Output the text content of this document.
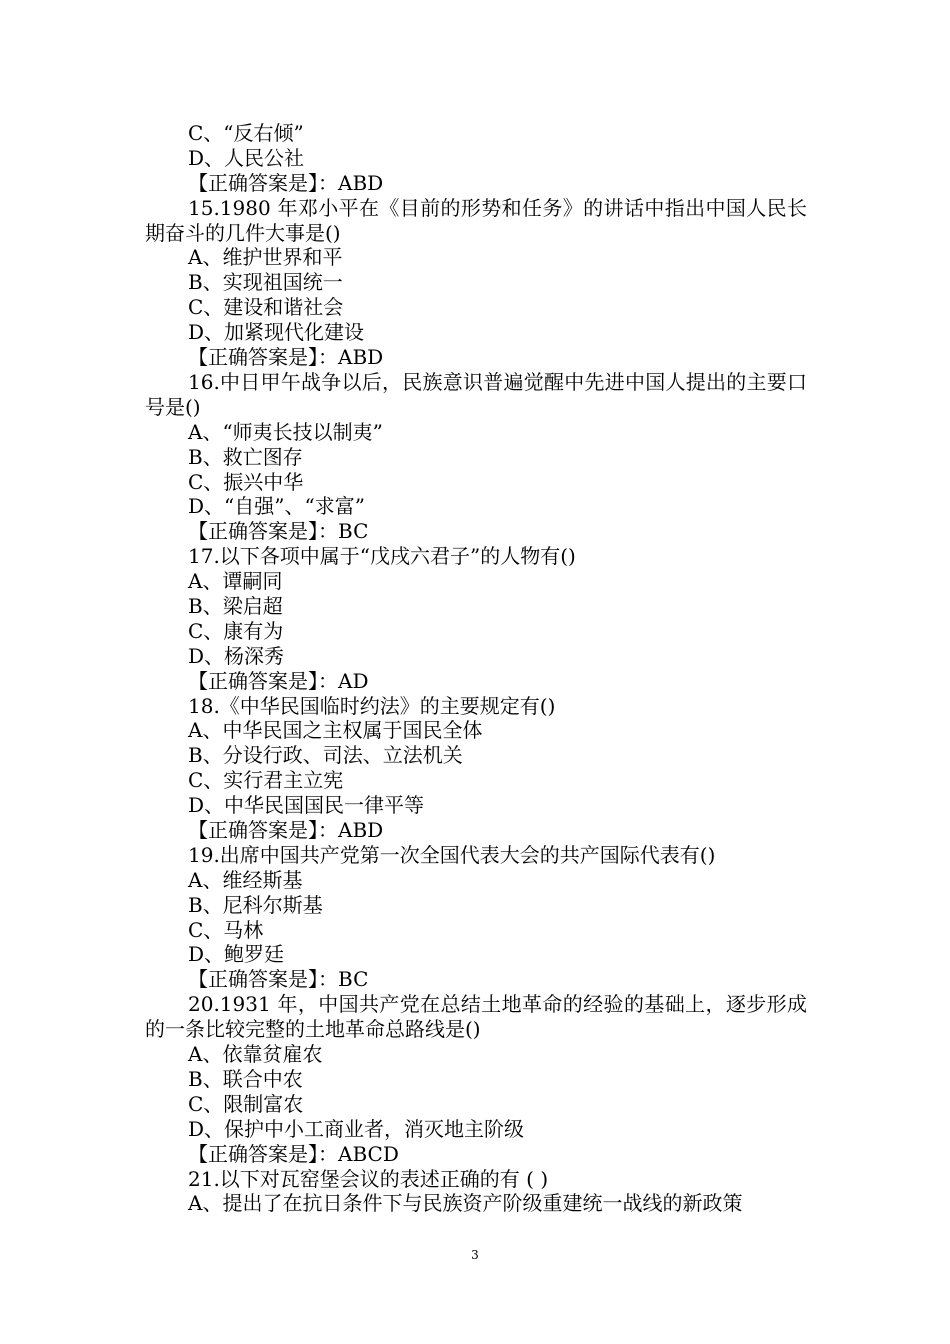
C、“反右倾”
D、人民公社
【正确答案是】：ABD
15.1980 年邓小平在《目前的形势和任务》的讲话中指出中国人民长期奋斗的几件大事是()
A、维护世界和平
B、实现祖国统一
C、建设和谐社会
D、加紧现代化建设
【正确答案是】：ABD
16.中日甲午战争以后，民族意识普遍觉醒中先进中国人提出的主要口号是()
A、“师夷长技以制夷”
B、救亡图存
C、振兴中华
D、“自强”、“求富”
【正确答案是】：BC
17.以下各项中属于“戊戌六君子”的人物有()
A、谭嗣同
B、梁启超
C、康有为
D、杨深秀
【正确答案是】：AD
18.《中华民国临时约法》的主要规定有()
A、中华民国之主权属于国民全体
B、分设行政、司法、立法机关
C、实行君主立宪
D、中华民国国民一律平等
【正确答案是】：ABD
19.出席中国共产党第一次全国代表大会的共产国际代表有()
A、维经斯基
B、尼科尔斯基
C、马林
D、鲍罗廷
【正确答案是】：BC
20.1931 年，中国共产党在总结土地革命的经验的基础上，逐步形成的一条比较完整的土地革命总路线是()
A、依靠贫雇农
B、联合中农
C、限制富农
D、保护中小工商业者，消灭地主阶级
【正确答案是】：ABCD
21.以下对瓦窑堡会议的表述正确的有 ( )
A、提出了在抗日条件下与民族资产阶级重建统一战线的新政策
3
